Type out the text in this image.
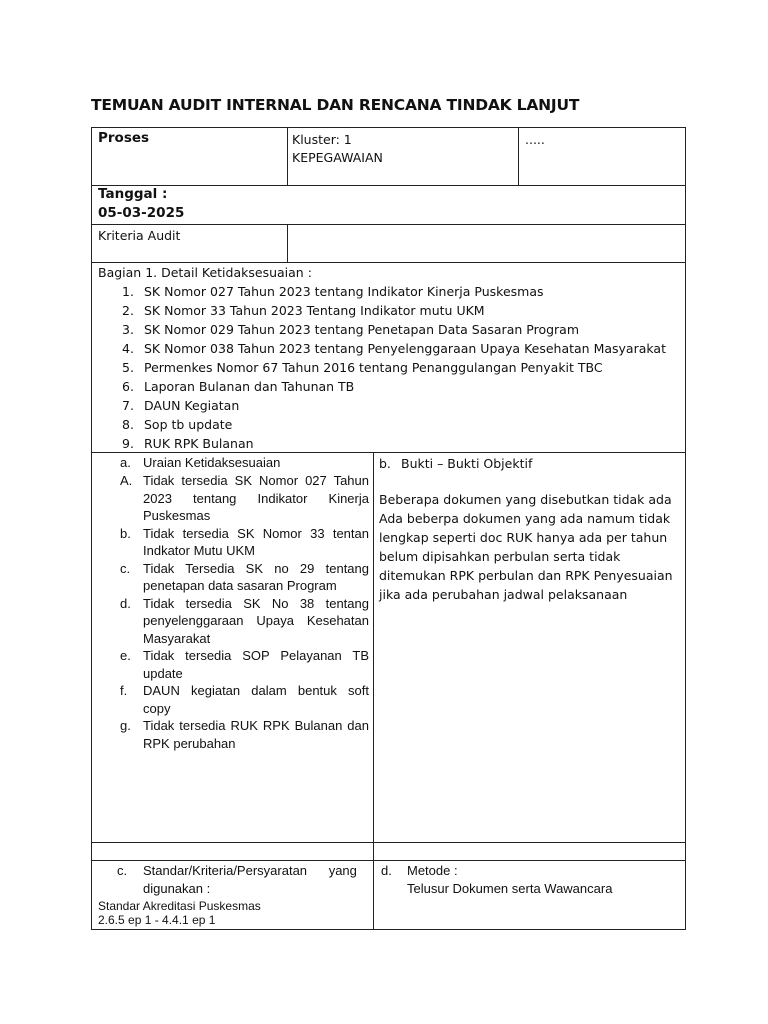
TEMUAN AUDIT INTERNAL DAN RENCANA TINDAK LANJUT
Proses	Kluster: 1
KEPEGAWAIAN
.....
Tanggal :
05-03-2025
Kriteria Audit
Bagian 1. Detail Ketidaksesuaian :
1. SK Nomor 027 Tahun 2023 tentang Indikator Kinerja Puskesmas
2. SK Nomor 33 Tahun 2023 Tentang Indikator mutu UKM
3. SK Nomor 029 Tahun 2023 tentang Penetapan Data Sasaran Program
4. SK Nomor 038 Tahun 2023 tentang Penyelenggaraan Upaya Kesehatan Masyarakat
5. Permenkes Nomor 67 Tahun 2016 tentang Penanggulangan Penyakit TBC
6. Laporan Bulanan dan Tahunan TB
7. DAUN Kegiatan
8. Sop tb update
9. RUK RPK Bulanan
a. Uraian Ketidaksesuaian
A. Tidak tersedia SK Nomor 027 Tahun 2023 tentang Indikator Kinerja Puskesmas
b. Tidak tersedia SK Nomor 33 tentan Indkator Mutu UKM
c. Tidak Tersedia SK no 29 tentang penetapan data sasaran Program
d. Tidak tersedia SK No 38 tentang penyelenggaraan Upaya Kesehatan Masyarakat
e. Tidak tersedia SOP Pelayanan TB update
f. DAUN kegiatan dalam bentuk soft copy
g. Tidak tersedia RUK RPK Bulanan dan RPK perubahan
b. Bukti – Bukti Objektif
Beberapa dokumen yang disebutkan tidak ada
Ada beberpa dokumen yang ada namum tidak
lengkap seperti doc RUK hanya ada per tahun
belum dipisahkan perbulan serta tidak
ditemukan RPK perbulan dan RPK Penyesuaian
jika ada perubahan jadwal pelaksanaan
c. Standar/Kriteria/Persyaratan      yang
digunakan :
Standar Akreditasi Puskesmas
2.6.5 ep 1 - 4.4.1 ep 1
d. Metode :
Telusur Dokumen serta Wawancara
